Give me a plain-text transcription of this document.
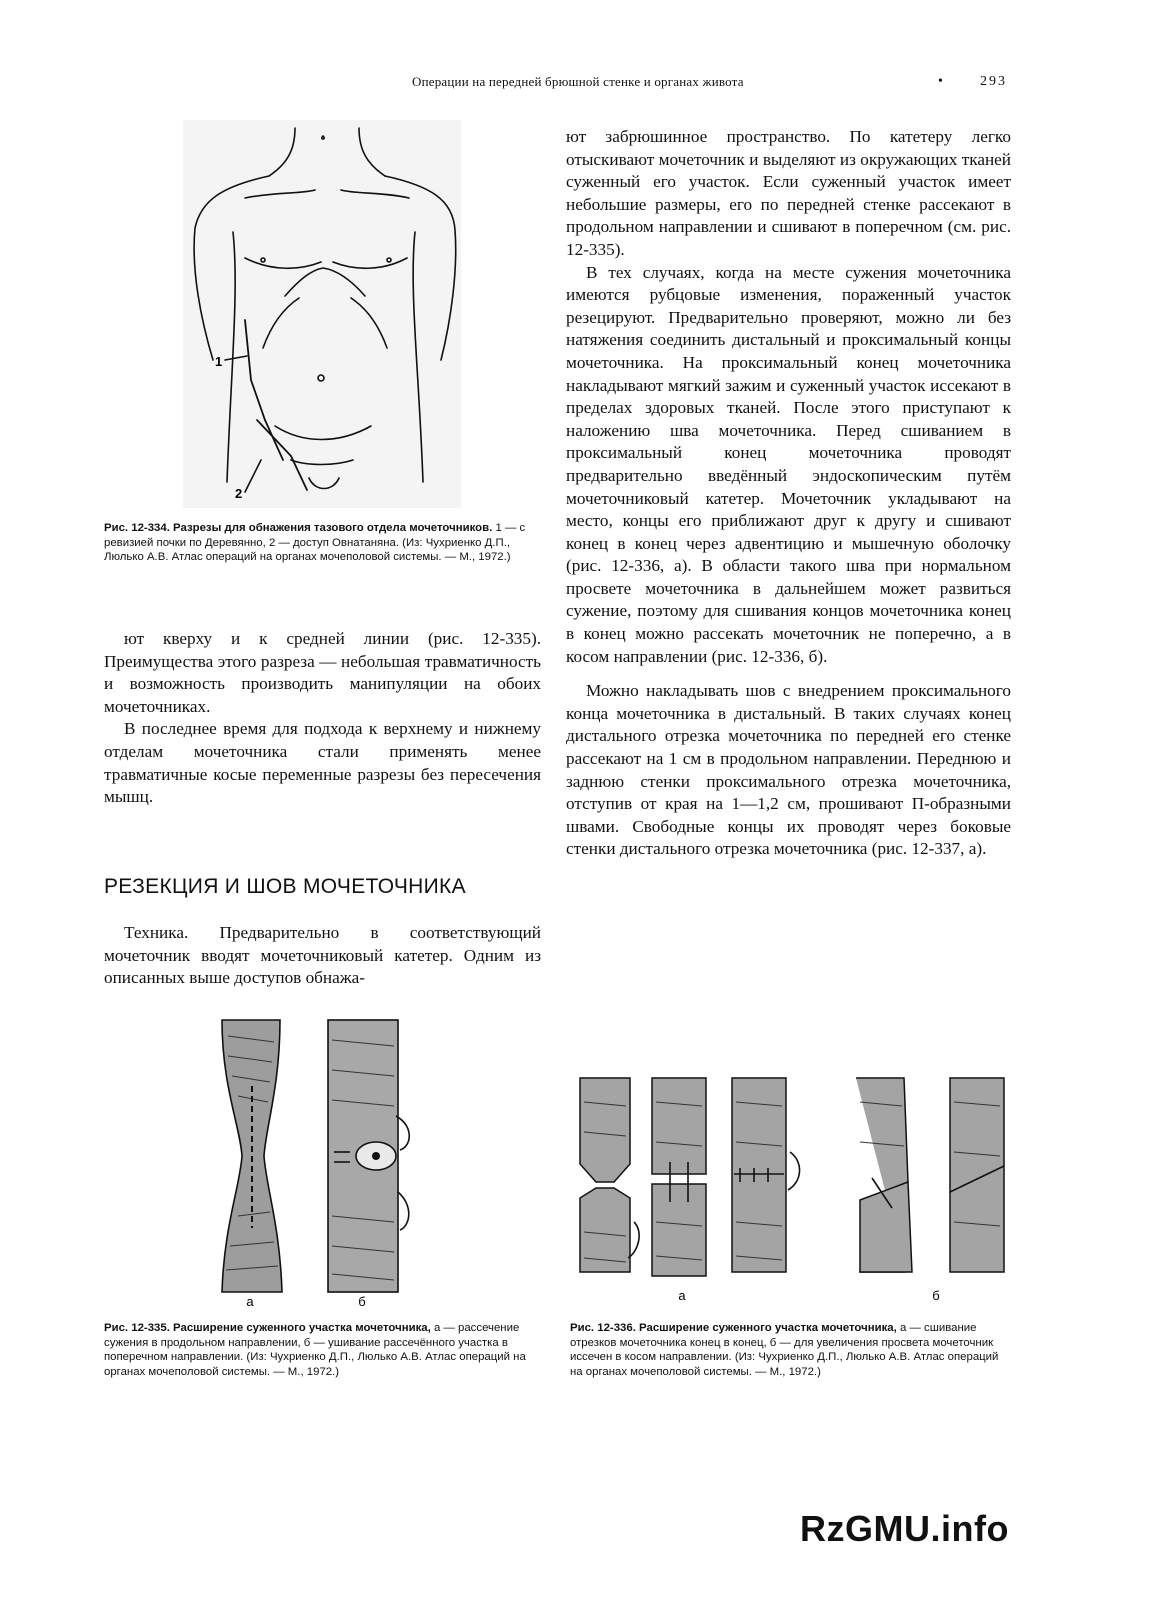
Операции на передней брюшной стенке и органах живота	•	293
1
2
Рис. 12-334. Разрезы для обнажения тазового отдела мочеточников. 1 — с ревизией почки по Деревянно, 2 — доступ Овнатаняна. (Из: Чухриенко Д.П., Люлько А.В. Атлас операций на органах мочеполовой системы. — М., 1972.)

ют кверху и к средней линии (рис. 12-335). Преимущества этого разреза — небольшая травматичность и возможность производить манипуляции на обоих мочеточниках.

В последнее время для подхода к верхнему и нижнему отделам мочеточника стали применять менее травматичные косые переменные разрезы без пересечения мышц.

РЕЗЕКЦИЯ И ШОВ МОЧЕТОЧНИКА

Техника. Предварительно в соответствующий мочеточник вводят мочеточниковый катетер. Одним из описанных выше доступов обнажа-

а	б
Рис. 12-335. Расширение суженного участка мочеточника, а — рассечение сужения в продольном направлении, б — ушивание рассечённого участка в поперечном направлении. (Из: Чухриенко Д.П., Люлько А.В. Атлас операций на органах мочеполовой системы. — М., 1972.)

ют забрюшинное пространство. По катетеру легко отыскивают мочеточник и выделяют из окружающих тканей суженный его участок. Если суженный участок имеет небольшие размеры, его по передней стенке рассекают в продольном направлении и сшивают в поперечном (см. рис. 12-335).

В тех случаях, когда на месте сужения мочеточника имеются рубцовые изменения, пораженный участок резецируют. Предварительно проверяют, можно ли без натяжения соединить дистальный и проксимальный концы мочеточника. На проксимальный конец мочеточника накладывают мягкий зажим и суженный участок иссекают в пределах здоровых тканей. После этого приступают к наложению шва мочеточника. Перед сшиванием в проксимальный конец мочеточника проводят предварительно введённый эндоскопическим путём мочеточниковый катетер. Мочеточник укладывают на место, концы его приближают друг к другу и сшивают конец в конец через адвентицию и мышечную оболочку (рис. 12-336, а). В области такого шва при нормальном просвете мочеточника в дальнейшем может развиться сужение, поэтому для сшивания концов мочеточника конец в конец можно рассекать мочеточник не поперечно, а в косом направлении (рис. 12-336, б).

Можно накладывать шов с внедрением проксимального конца мочеточника в дистальный. В таких случаях конец дистального отрезка мочеточника по передней его стенке рассекают на 1 см в продольном направлении. Переднюю и заднюю стенки проксимального отрезка мочеточника, отступив от края на 1—1,2 см, прошивают П-образными швами. Свободные концы их проводят через боковые стенки дистального отрезка мочеточника (рис. 12-337, а).

а	б
Рис. 12-336. Расширение суженного участка мочеточника, а — сшивание отрезков мочеточника конец в конец, б — для увеличения просвета мочеточник иссечен в косом направлении. (Из: Чухриенко Д.П., Люлько А.В. Атлас операций на органах мочеполовой системы. — М., 1972.)
RzGMU.info
